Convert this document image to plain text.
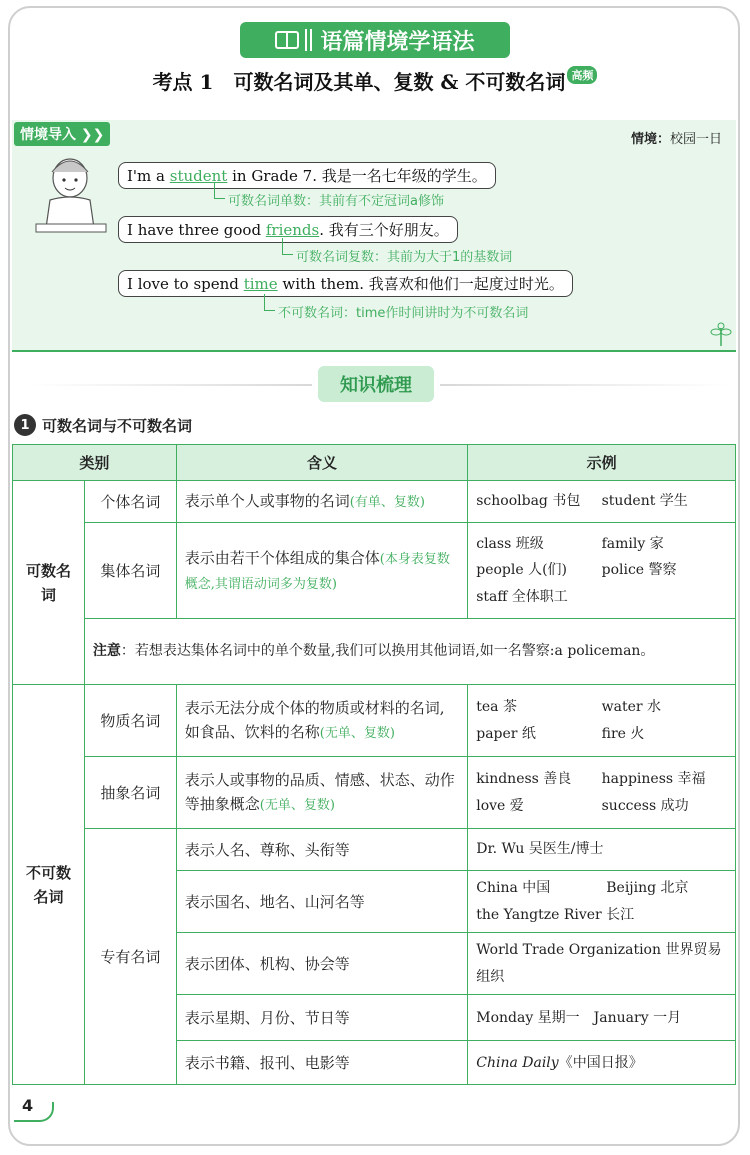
语篇情境学语法
考点 1　可数名词及其单、复数 & 不可数名词 高频
情境导入 ❯❯	情境：校园一日
I'm a student in Grade 7. 我是一名七年级的学生。
可数名词单数：其前有不定冠词a修饰
I have three good friends. 我有三个好朋友。
可数名词复数：其前为大于1的基数词
I love to spend time with them. 我喜欢和他们一起度过时光。
不可数名词：time作时间讲时为不可数名词
知识梳理
1 可数名词与不可数名词
类别		含义	示例
可数名词	个体名词	表示单个人或事物的名词(有单、复数)	schoolbag 书包 student 学生

	集体名词	表示由若干个体组成的集合体(本身表复数概念,其谓语动词多为复数)	class 班级 family 家
people 人(们) police 警察
staff 全体职工

	注意：若想表达集体名词中的单个数量,我们可以换用其他词语,如一名警察:a policeman。		
不可数名词	物质名词	表示无法分成个体的物质或材料的名词,如食品、饮料的名称(无单、复数)	tea 茶 water 水
paper 纸 fire 火

	抽象名词	表示人或事物的品质、情感、状态、动作等抽象概念(无单、复数)	kindness 善良 happiness 幸福
love 爱 success 成功

	专有名词	表示人名、尊称、头衔等	Dr. Wu 吴医生/博士
		表示国名、地名、山河名等	China 中国　　　　Beijing 北京
the Yangtze River 长江
		表示团体、机构、协会等	World Trade Organization 世界贸易组织
		表示星期、月份、节日等	Monday 星期一　January 一月
		表示书籍、报刊、电影等	China Daily《中国日报》
4
